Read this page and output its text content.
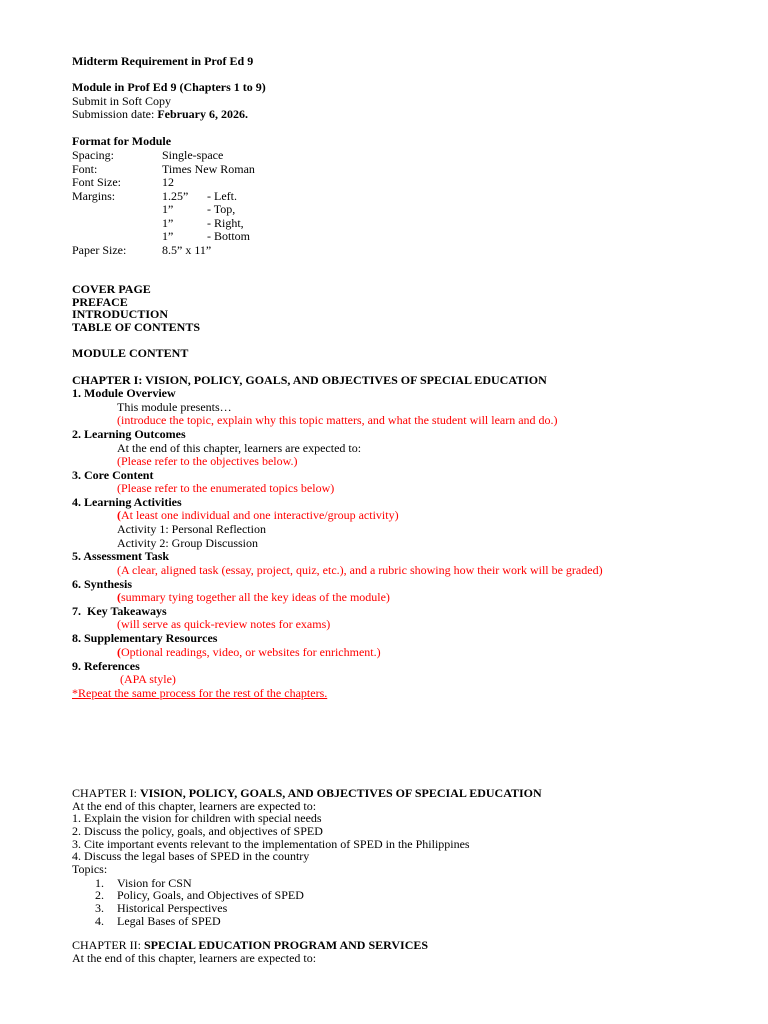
Midterm Requirement in Prof Ed 9
Module in Prof Ed 9 (Chapters 1 to 9)
Submit in Soft Copy
Submission date: February 6, 2026.
Format for Module
Spacing:	Single-space
Font:	Times New Roman
Font Size:	12
Margins:	1.25” - Left.
1”	- Top,
1”	- Right,
1”	- Bottom
Paper Size:	8.5” x 11”
COVER PAGE
PREFACE
INTRODUCTION
TABLE OF CONTENTS
MODULE CONTENT
CHAPTER I: VISION, POLICY, GOALS, AND OBJECTIVES OF SPECIAL EDUCATION
1. Module Overview
This module presents…
(introduce the topic, explain why this topic matters, and what the student will learn and do.)
2. Learning Outcomes
At the end of this chapter, learners are expected to:
(Please refer to the objectives below.)
3. Core Content
(Please refer to the enumerated topics below)
4. Learning Activities
(At least one individual and one interactive/group activity)
Activity 1: Personal Reflection
Activity 2: Group Discussion
5. Assessment Task
(A clear, aligned task (essay, project, quiz, etc.), and a rubric showing how their work will be graded)
6. Synthesis
(summary tying together all the key ideas of the module)
7.  Key Takeaways
(will serve as quick-review notes for exams)
8. Supplementary Resources
(Optional readings, video, or websites for enrichment.)
9. References
(APA style)
*Repeat the same process for the rest of the chapters.
CHAPTER I: VISION, POLICY, GOALS, AND OBJECTIVES OF SPECIAL EDUCATION
At the end of this chapter, learners are expected to:
1. Explain the vision for children with special needs
2. Discuss the policy, goals, and objectives of SPED
3. Cite important events relevant to the implementation of SPED in the Philippines
4. Discuss the legal bases of SPED in the country
Topics:
1. Vision for CSN
2. Policy, Goals, and Objectives of SPED
3. Historical Perspectives
4. Legal Bases of SPED
CHAPTER II: SPECIAL EDUCATION PROGRAM AND SERVICES
At the end of this chapter, learners are expected to:
